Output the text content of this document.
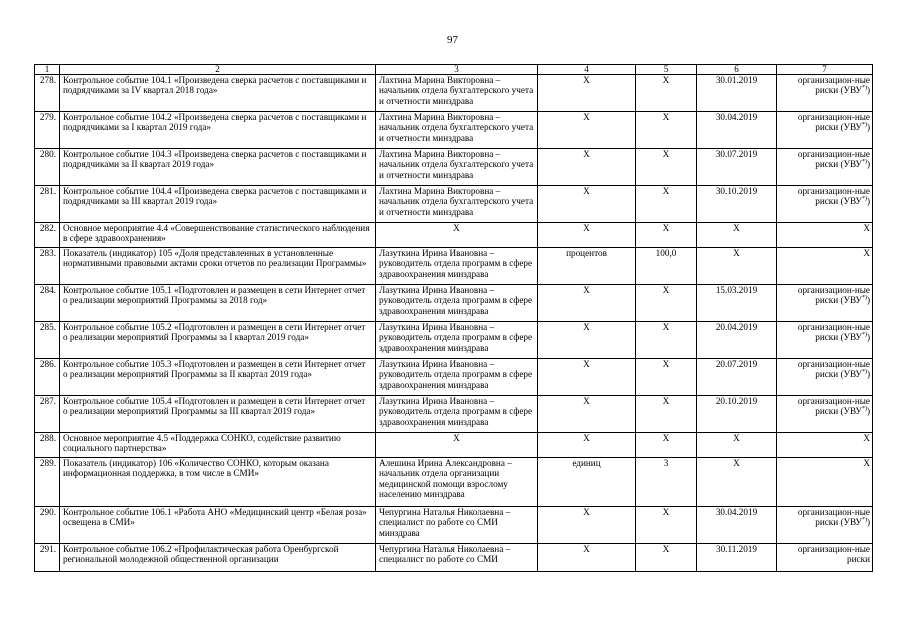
97
1	2	3	4	5	6	7
278.	Контрольное событие 104.1 «Произведена сверка расчетов с поставщиками и подрядчиками за IV квартал 2018 года»	Лахтина Марина Викторовна – начальник отдела бухгалтерского учета и отчетности минздрава	Х	Х	30.01.2019	организацион-ные риски (УВУ*))
279.	Контрольное событие 104.2 «Произведена сверка расчетов с поставщиками и подрядчиками за I квартал 2019 года»	Лахтина Марина Викторовна – начальник отдела бухгалтерского учета и отчетности минздрава	Х	Х	30.04.2019	организацион-ные риски (УВУ*))
280.	Контрольное событие 104.3 «Произведена сверка расчетов с поставщиками и подрядчиками за II квартал 2019 года»	Лахтина Марина Викторовна – начальник отдела бухгалтерского учета и отчетности минздрава	Х	Х	30.07.2019	организацион-ные риски (УВУ*))
281.	Контрольное событие 104.4 «Произведена сверка расчетов с поставщиками и подрядчиками за III квартал 2019 года»	Лахтина Марина Викторовна – начальник отдела бухгалтерского учета и отчетности минздрава	Х	Х	30.10.2019	организацион-ные риски (УВУ*))
282.	Основное мероприятие 4.4 «Совершенствование статистического наблюдения в сфере здравоохранения»	Х	Х	Х	Х	Х
283.	Показатель (индикатор) 105 «Доля представленных в установленные нормативными правовыми актами сроки отчетов по реализации Программы»	Лазуткина Ирина Ивановна – руководитель отдела программ в сфере здравоохранения минздрава	процентов	100,0	Х	Х
284.	Контрольное событие 105.1 «Подготовлен и размещен в сети Интернет отчет о реализации мероприятий Программы за 2018 год»	Лазуткина Ирина Ивановна – руководитель отдела программ в сфере здравоохранения минздрава	Х	Х	15.03.2019	организацион-ные риски (УВУ*))
285.	Контрольное событие 105.2 «Подготовлен и размещен в сети Интернет отчет о реализации мероприятий Программы за I квартал 2019 года»	Лазуткина Ирина Ивановна – руководитель отдела программ в сфере здравоохранения минздрава	Х	Х	20.04.2019	организацион-ные риски (УВУ*))
286.	Контрольное событие 105.3 «Подготовлен и размещен в сети Интернет отчет о реализации мероприятий Программы за II квартал 2019 года»	Лазуткина Ирина Ивановна – руководитель отдела программ в сфере здравоохранения минздрава	Х	Х	20.07.2019	организацион-ные риски (УВУ*))
287.	Контрольное событие 105.4 «Подготовлен и размещен в сети Интернет отчет о реализации мероприятий Программы за III квартал 2019 года»	Лазуткина Ирина Ивановна – руководитель отдела программ в сфере здравоохранения минздрава	Х	Х	20.10.2019	организацион-ные риски (УВУ*))
288.	Основное мероприятие 4.5 «Поддержка СОНКО, содействие развитию социального партнерства»	Х	Х	Х	Х	Х
289.	Показатель (индикатор) 106 «Количество СОНКО, которым оказана информационная поддержка, в том числе в СМИ»	Алешина Ирина Александровна – начальник отдела организации медицинской помощи взрослому населению минздрава	единиц	3	Х	Х
290.	Контрольное событие 106.1 «Работа АНО «Медицинский центр «Белая роза» освещена в СМИ»	Чепургина Наталья Николаевна – специалист по работе со СМИ минздрава	Х	Х	30.04.2019	организацион-ные риски (УВУ*))
291.	Контрольное событие 106.2 «Профилактическая работа Оренбургской региональной молодежной общественной организации	Чепургина Наталья Николаевна – специалист по работе со СМИ	Х	Х	30.11.2019	организацион-ные риски
